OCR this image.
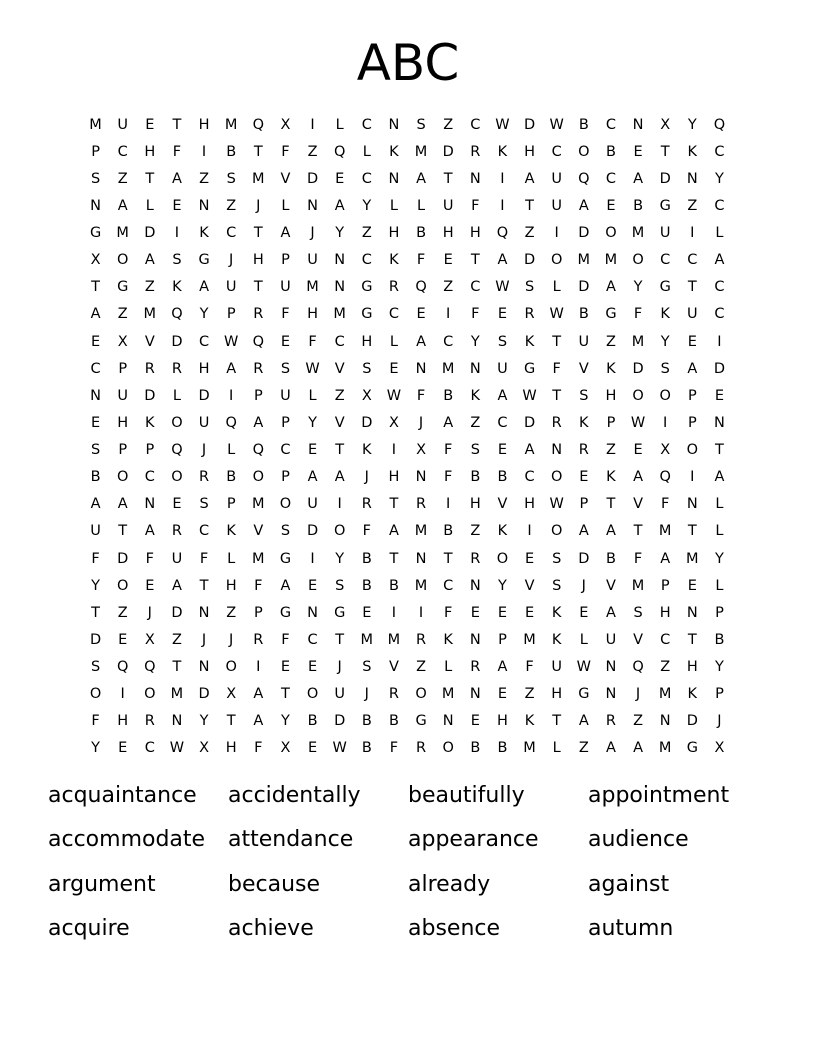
ABC
M	U	E	T	H	M	Q	X	I	L	C	N	S	Z	C	W D W	B	C	N	X	Y	Q
P	C	H	F	I	B	T	F	Z	Q	L	K	M	D	R	K	H	C	O	B	E	T	K	C
S	Z	T	A	Z	S	M	V	D	E	C	N	A	T	N	I	A	U	Q	C	A	D	N	Y
N	A	L	E	N	Z	J	L	N	A	Y	L	L	U	F	I	T	U	A	E	B	G	Z	C
G	M	D	I	K	C	T	A	J	Y	Z	H	B	H	H	Q	Z	I	D	O	M	U	I	L
X	O	A	S	G	J	H	P	U	N	C	K	F	E	T	A	D	O	M	M	O	C	C	A
T	G	Z	K	A	U	T	U	M	N	G	R	Q	Z	C	W	S	L	D	A	Y	G	T	C
A	Z	M	Q	Y	P	R	F	H	M	G	C	E	I	F	E	R	W	B	G	F	K	U	C
E	X	V	D	C	W Q	E	F	C	H	L	A	C	Y	S	K	T	U	Z	M	Y	E	I
C	P	R	R	H	A	R	S	W	V	S	E	N	M	N	U	G	F	V	K	D	S	A	D
N	U	D	L	D	I	P	U	L	Z	X	W	F	B	K	A	W	T	S	H	O	O	P	E
E	H	K	O	U	Q	A	P	Y	V	D	X	J	A	Z	C	D	R	K	P	W	I	P	N
S	P	P	Q	J	L	Q	C	E	T	K	I	X	F	S	E	A	N	R	Z	E	X	O	T
B	O	C	O	R	B	O	P	A	A	J	H	N	F	B	B	C	O	E	K	A	Q	I	A
A	A	N	E	S	P	M	O	U	I	R	T	R	I	H	V	H	W	P	T	V	F	N	L
U	T	A	R	C	K	V	S	D	O	F	A	M	B	Z	K	I	O	A	A	T	M	T	L
F	D	F	U	F	L	M	G	I	Y	B	T	N	T	R	O	E	S	D	B	F	A	M	Y
Y	O	E	A	T	H	F	A	E	S	B	B	M	C	N	Y	V	S	J	V	M	P	E	L
T	Z	J	D	N	Z	P	G	N	G	E	I	I	F	E	E	E	K	E	A	S	H	N	P
D	E	X	Z	J	J	R	F	C	T	M	M	R	K	N	P	M	K	L	U	V	C	T	B
S	Q	Q	T	N	O	I	E	E	J	S	V	Z	L	R	A	F	U	W	N	Q	Z	H	Y
O	I	O	M	D	X	A	T	O	U	J	R	O	M	N	E	Z	H	G	N	J	M	K	P
F	H	R	N	Y	T	A	Y	B	D	B	B	G	N	E	H	K	T	A	R	Z	N	D	J
Y	E	C	W	X	H	F	X	E	W	B	F	R	O	B	B	M	L	Z	A	A	M	G	X
acquaintance	accidentally	beautifully	appointment
accommodate	attendance	appearance	audience
argument	because	already	against
acquire	achieve	absence	autumn
